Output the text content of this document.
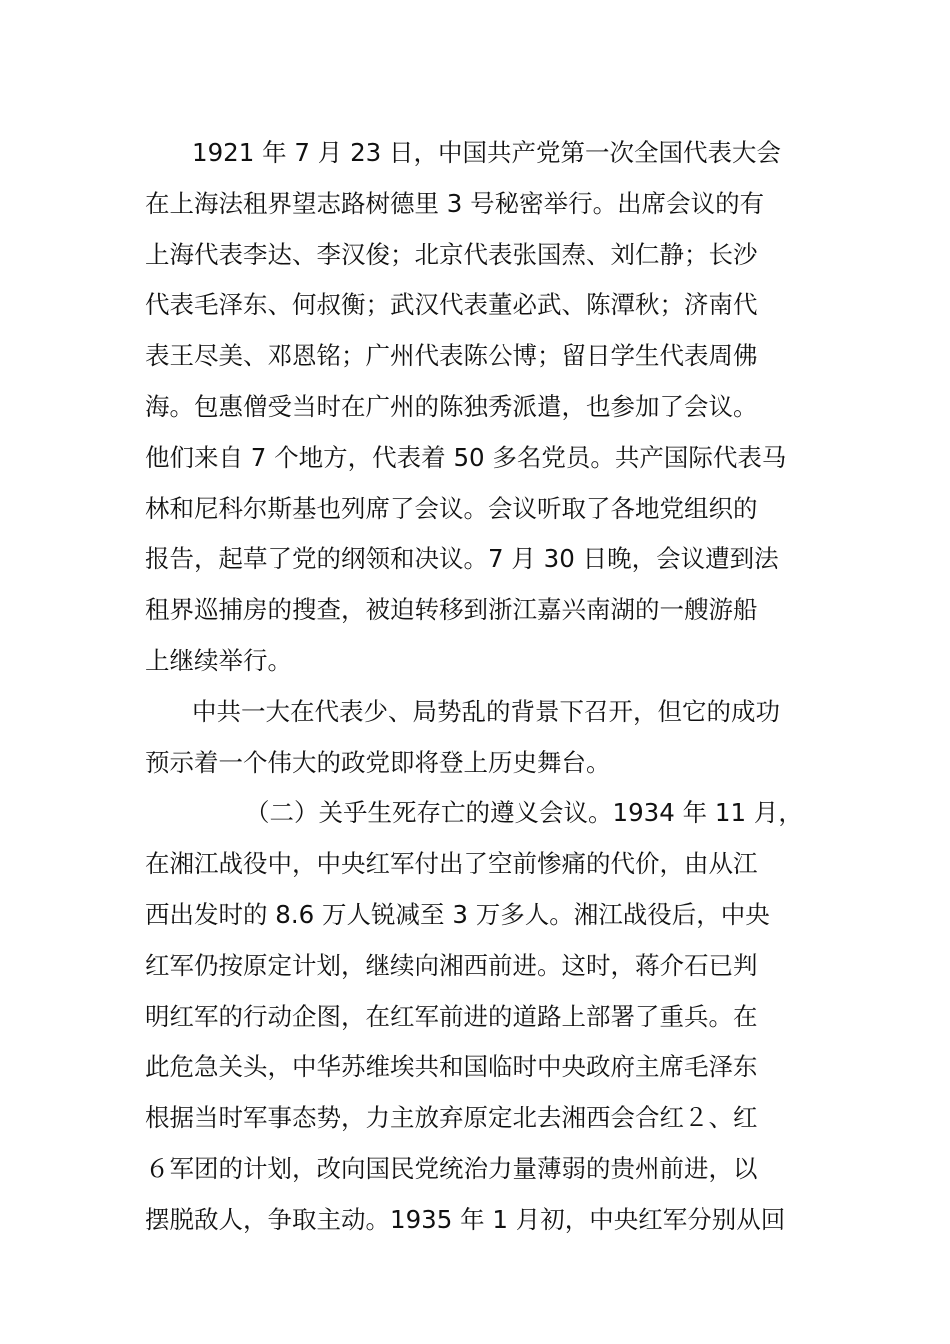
1921 年 7 月 23 日，中国共产党第一次全国代表大会
在上海法租界望志路树德里 3 号秘密举行。出席会议的有
上海代表李达、李汉俊；北京代表张国焘、刘仁静；长沙
代表毛泽东、何叔衡；武汉代表董必武、陈潭秋；济南代
表王尽美、邓恩铭；广州代表陈公博；留日学生代表周佛
海。包惠僧受当时在广州的陈独秀派遣，也参加了会议。
他们来自 7 个地方，代表着 50 多名党员。共产国际代表马
林和尼科尔斯基也列席了会议。会议听取了各地党组织的
报告，起草了党的纲领和决议。7 月 30 日晚，会议遭到法
租界巡捕房的搜查，被迫转移到浙江嘉兴南湖的一艘游船
上继续举行。
中共一大在代表少、局势乱的背景下召开，但它的成功
预示着一个伟大的政党即将登上历史舞台。
（二）关乎生死存亡的遵义会议。1934 年 11 月，
在湘江战役中，中央红军付出了空前惨痛的代价，由从江
西出发时的 8.6 万人锐减至 3 万多人。湘江战役后，中央
红军仍按原定计划，继续向湘西前进。这时，蒋介石已判
明红军的行动企图，在红军前进的道路上部署了重兵。在
此危急关头，中华苏维埃共和国临时中央政府主席毛泽东
根据当时军事态势，力主放弃原定北去湘西会合红２、红
６军团的计划，改向国民党统治力量薄弱的贵州前进，以
摆脱敌人，争取主动。1935 年 1 月初，中央红军分别从回
